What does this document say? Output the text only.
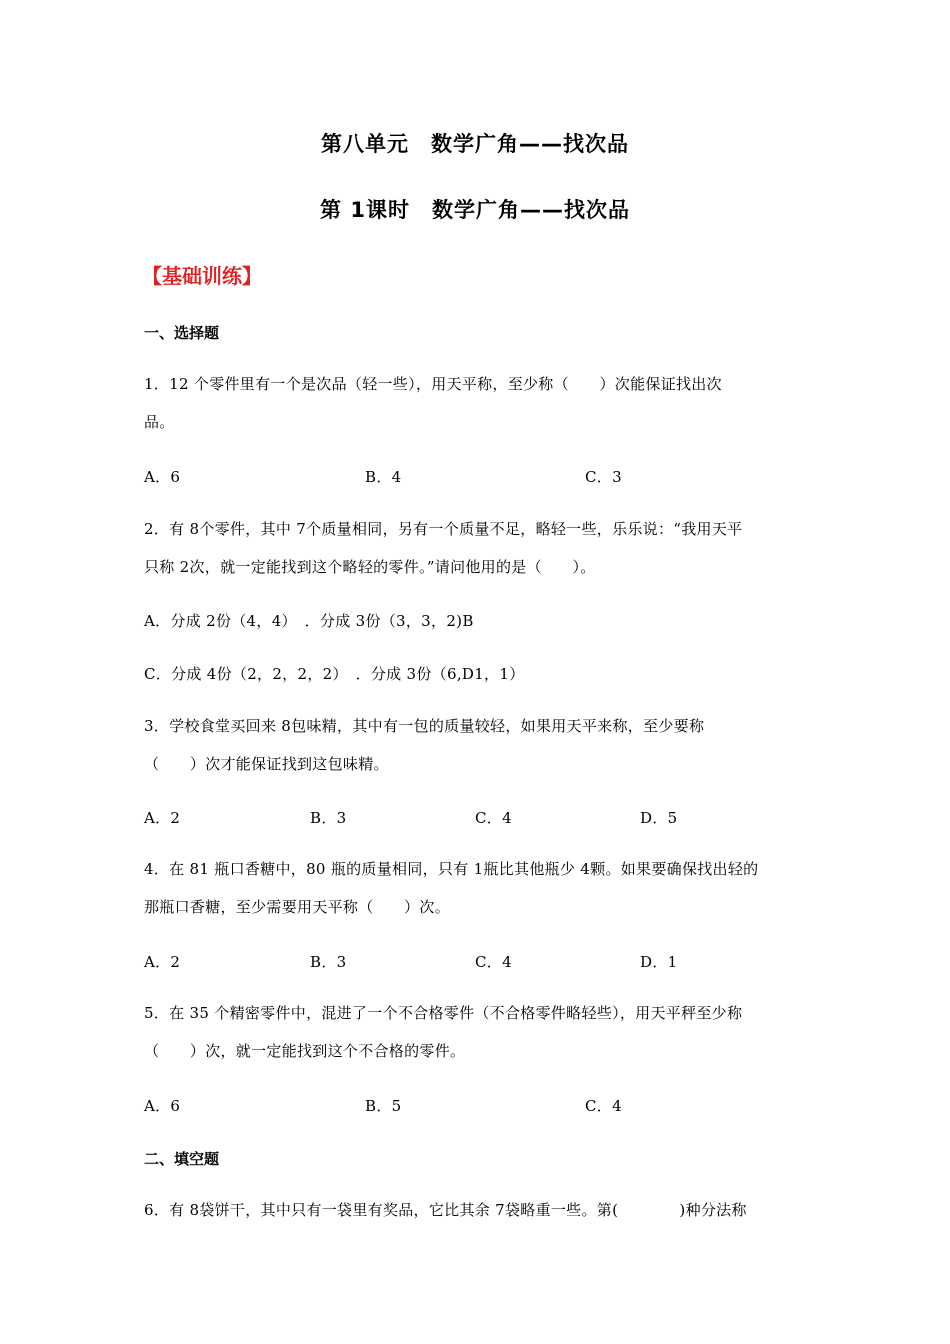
第八单元　数学广角——找次品
第 1课时　数学广角——找次品
【基础训练】
一、选择题
1．12 个零件里有一个是次品（轻一些），用天平称，至少称（　　）次能保证找出次
品。
A．6	B．4	C．3
2．有 8个零件，其中 7个质量相同，另有一个质量不足，略轻一些，乐乐说：“我用天平
只称 2次，就一定能找到这个略轻的零件。”请问他用的是（　　）。
A．分成 2份（4，4）　．分成 3份（3，3，2)B
C．分成 4份（2，2，2，2）　．分成 3份（6,D1，1）
3．学校食堂买回来 8包味精，其中有一包的质量较轻，如果用天平来称，至少要称
（　　）次才能保证找到这包味精。
A．2	B．3	C．4	D．5
4．在 81 瓶口香糖中，80 瓶的质量相同，只有 1瓶比其他瓶少 4颗。如果要确保找出轻的
那瓶口香糖，至少需要用天平称（　　）次。
A．2	B．3	C．4	D．1
5．在 35 个精密零件中，混进了一个不合格零件（不合格零件略轻些），用天平秤至少称
（　　）次，就一定能找到这个不合格的零件。
A．6	B．5	C．4
二、填空题
6．有 8袋饼干，其中只有一袋里有奖品，它比其余 7袋略重一些。第(　　　　)种分法称
